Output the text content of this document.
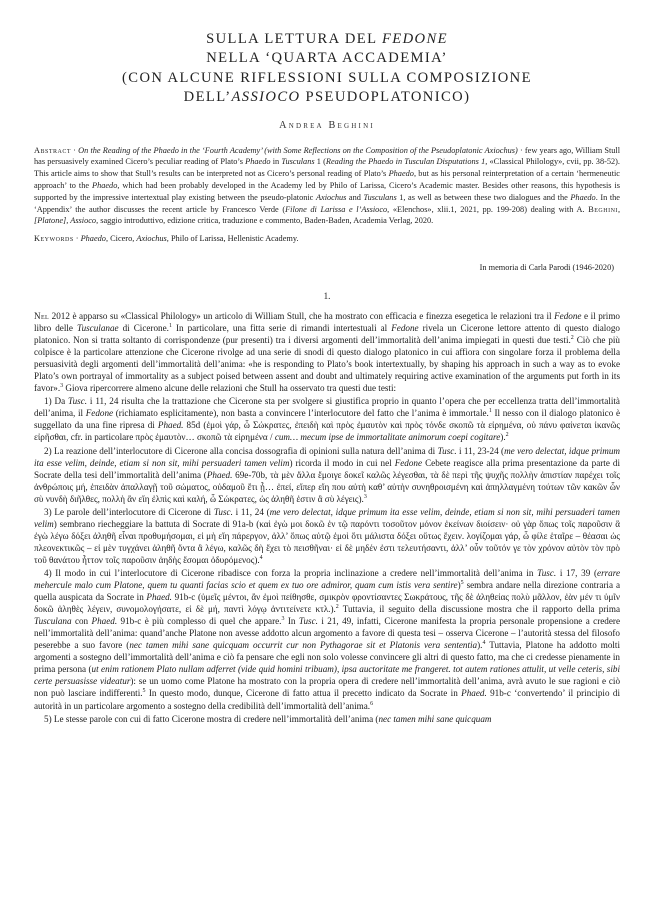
SULLA LETTURA DEL FEDONE
NELLA ‘QUARTA ACCADEMIA’
(CON ALCUNE RIFLESSIONI SULLA COMPOSIZIONE
DELL’ASSIOCO PSEUDOPLATONICO)
Andrea Beghini
Abstract · On the Reading of the Phaedo in the ‘Fourth Academy’ (with Some Reflections on the Composition of the Pseudoplatonic Axiochus) · few years ago, William Stull has persuasively examined Cicero’s peculiar reading of Plato’s Phaedo in Tusculans 1 (Reading the Phaedo in Tusculan Disputations 1, «Classical Philology», cvii, pp. 38-52). This article aims to show that Stull’s results can be interpreted not as Cicero’s personal reading of Plato’s Phaedo, but as his personal reinterpretation of a certain ‘hermeneutic approach’ to the Phaedo, which had been probably developed in the Academy led by Philo of Larissa, Cicero’s Academic master. Besides other reasons, this hypothesis is supported by the impressive intertextual play existing between the pseudo-platonic Axiochus and Tusculans 1, as well as between these two dialogues and the Phaedo. In the ‘Appendix’ the author discusses the recent article by Francesco Verde (Filone di Larissa e l’Assioco, «Elenchos», xlii.1, 2021, pp. 199-208) dealing with A. Beghini, [Platone], Assioco, saggio introduttivo, edizione critica, traduzione e commento, Baden-Baden, Academia Verlag, 2020.
Keywords · Phaedo, Cicero, Axiochus, Philo of Larissa, Hellenistic Academy.
In memoria di Carla Parodi (1946-2020)
1.

Nel 2012 è apparso su «Classical Philology» un articolo di William Stull, che ha mostrato con efficacia e finezza esegetica le relazioni tra il Fedone e il primo libro delle Tusculanae di Cicerone.$^1$ In particolare, una fitta serie di rimandi intertestuali al Fedone rivela un Cicerone lettore attento di questo dialogo platonico. Non si tratta soltanto di corrispondenze (pur presenti) tra i diversi argomenti dell’immortalità dell’anima impiegati in questi due testi.$^2$ Ciò che più colpisce è la particolare attenzione che Cicerone rivolge ad una serie di snodi di questo dialogo platonico in cui affiora con singolare forza il problema della persuasività degli argomenti dell’immortalità dell’anima: «he is responding to Plato’s book intertextually, by shaping his approach in such a way as to evoke Plato’s own portrayal of immortality as a subject poised between assent and doubt and ultimately requiring active examination of the arguments put forth in its favor».$^3$ Giova ripercorrere almeno alcune delle relazioni che Stull ha osservato tra questi due testi:

1) Da Tusc. i 11, 24 risulta che la trattazione che Cicerone sta per svolgere si giustifica proprio in quanto l’opera che per eccellenza tratta dell’immortalità dell’anima, il Fedone (richiamato esplicitamente), non basta a convincere l’interlocutore del fatto che l’anima è immortale.$^1$ Il nesso con il dialogo platonico è suggellato da una fine ripresa di Phaed. 85d (ἐμοὶ γάρ, ὦ Σώκρατες, ἐπειδὴ καὶ πρὸς ἐμαυτὸν καὶ πρὸς τόνδε σκοπῶ τὰ εἰρημένα, οὐ πάνυ φαίνεται ἱκανῶς εἰρῆσθαι, cfr. in particolare πρὸς ἐμαυτὸν… σκοπῶ τὰ εἰρημένα / cum… mecum ipse de immortalitate animorum coepi cogitare).$^2$

2) La reazione dell’interlocutore di Cicerone alla concisa dossografia di opinioni sulla natura dell’anima di Tusc. i 11, 23-24 (me vero delectat, idque primum ita esse velim, deinde, etiam si non sit, mihi persuaderi tamen velim) ricorda il modo in cui nel Fedone Cebete reagisce alla prima presentazione da parte di Socrate della tesi dell’immortalità dell’anima (Phaed. 69e-70b, τὰ μὲν ἄλλα ἔμοιγε δοκεῖ καλῶς λέγεσθαι, τὰ δὲ περὶ τῆς ψυχῆς πολλὴν ἀπιστίαν παρέχει τοῖς ἀνθρώποις μή, ἐπειδὰν ἀπαλλαγῇ τοῦ σώματος, οὐδαμοῦ ἔτι ᾖ… ἐπεί, εἴπερ εἴη που αὐτὴ καθ’ αὑτὴν συνηθροισμένη καὶ ἀπηλλαγμένη τούτων τῶν κακῶν ὧν σὺ νυνδὴ διῆλθες, πολλὴ ἂν εἴη ἐλπὶς καὶ καλή, ὦ Σώκρατες, ὡς ἀληθῆ ἐστιν ἃ σὺ λέγεις).$^3$

3) Le parole dell’interlocutore di Cicerone di Tusc. i 11, 24 (me vero delectat, idque primum ita esse velim, deinde, etiam si non sit, mihi persuaderi tamen velim) sembrano riecheggiare la battuta di Socrate di 91a-b (καὶ ἐγὼ μοι δοκῶ ἐν τῷ παρόντι τοσοῦτον μόνον ἐκείνων διοίσειν· οὐ γὰρ ὅπως τοῖς παροῦσιν ἃ ἐγὼ λέγω δόξει ἀληθῆ εἶναι προθυμήσομαι, εἰ μὴ εἴη πάρεργον, ἀλλ’ ὅπως αὐτῷ ἐμοὶ ὅτι μάλιστα δόξει οὕτως ἔχειν. λογίζομαι γάρ, ὦ φίλε ἑταῖρε – θέασαι ὡς πλεονεκτικῶς – εἰ μὲν τυγχάνει ἀληθῆ ὄντα ἃ λέγω, καλῶς δὴ ἔχει τὸ πεισθῆναι· εἰ δὲ μηδέν ἐστι τελευτήσαντι, ἀλλ’ οὖν τοῦτόν γε τὸν χρόνον αὐτὸν τὸν πρὸ τοῦ θανάτου ἧττον τοῖς παροῦσιν ἀηδὴς ἔσομαι ὀδυρόμενος).$^4$

4) Il modo in cui l’interlocutore di Cicerone ribadisce con forza la propria inclinazione a credere nell’immortalità dell’anima in Tusc. i 17, 39 (errare mehercule malo cum Platone, quem tu quanti facias scio et quem ex tuo ore admiror, quam cum istis vera sentire)$^5$ sembra andare nella direzione contraria a quella auspicata da Socrate in Phaed. 91b-c (ὑμεῖς μέντοι, ἂν ἐμοὶ πείθησθε, σμικρὸν φροντίσαντες Σωκράτους, τῆς δὲ ἀληθείας πολὺ μᾶλλον, ἐὰν μέν τι ὑμῖν δοκῶ ἀληθὲς λέγειν, συνομολογήσατε, εἰ δὲ μή, παντὶ λόγῳ ἀντιτείνετε κτλ.).$^2$ Tuttavia, il seguito della discussione mostra che il rapporto della prima Tusculana con Phaed. 91b-c è più complesso di quel che appare.$^3$ In Tusc. i 21, 49, infatti, Cicerone manifesta la propria personale propensione a credere nell’immortalità dell’anima: quand’anche Platone non avesse addotto alcun argomento a favore di questa tesi – osserva Cicerone – l’autorità stessa del filosofo peserebbe a suo favore (nec tamen mihi sane quicquam occurrit cur non Pythagorae sit et Platonis vera sententia).$^4$ Tuttavia, Platone ha addotto molti argomenti a sostegno dell’immortalità dell’anima e ciò fa pensare che egli non solo volesse convincere gli altri di questo fatto, ma che ci credesse pienamente in prima persona (ut enim rationem Plato nullam adferret (vide quid homini tribuam), ipsa auctoritate me frangeret. tot autem rationes attulit, ut velle ceteris, sibi certe persuasisse videatur): se un uomo come Platone ha mostrato con la propria opera di credere nell’immortalità dell’anima, avrà avuto le sue ragioni e ciò non può lasciare indifferenti.$^5$ In questo modo, dunque, Cicerone di fatto attua il precetto indicato da Socrate in Phaed. 91b-c ‘convertendo’ il principio di autorità in un particolare argomento a sostegno della credibilità dell’immortalità dell’anima.$^6$

5) Le stesse parole con cui di fatto Cicerone mostra di credere nell’immortalità dell’anima (nec tamen mihi sane quicquam
